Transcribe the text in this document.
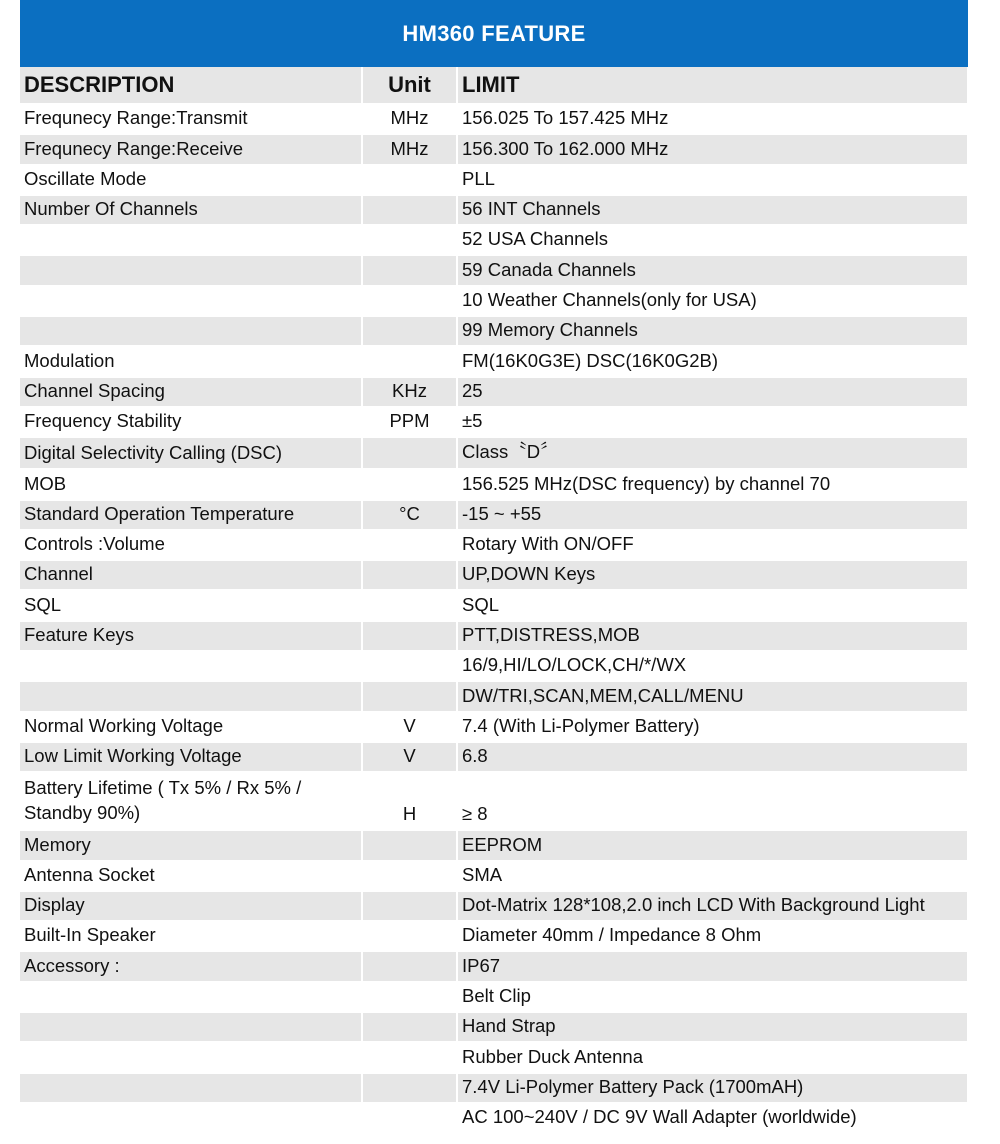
HM360 FEATURE
DESCRIPTION	Unit	LIMIT
Frequnecy Range:Transmit	MHz	156.025 To 157.425 MHz
Frequnecy Range:Receive	MHz	156.300 To 162.000 MHz
Oscillate Mode		PLL
Number Of Channels		56 INT Channels
		52 USA Channels
		59 Canada Channels
		10 Weather Channels(only for USA)
		99 Memory Channels
Modulation		FM(16K0G3E) DSC(16K0G2B)
Channel Spacing	KHz	25
Frequency Stability	PPM	±5
Digital Selectivity Calling (DSC)		Class〝D〞
MOB		156.525 MHz(DSC frequency) by channel 70
Standard Operation Temperature	°C	-15 ~ +55
Controls :Volume		Rotary With ON/OFF
Channel		UP,DOWN Keys
SQL		SQL
Feature Keys		PTT,DISTRESS,MOB
		16/9,HI/LO/LOCK,CH/*/WX
		DW/TRI,SCAN,MEM,CALL/MENU
Normal Working Voltage	V	7.4 (With Li-Polymer Battery)
Low Limit Working Voltage	V	6.8
Battery Lifetime ( Tx 5% / Rx 5% / Standby 90%)	H	≥ 8
Memory		EEPROM
Antenna Socket		SMA
Display		Dot-Matrix 128*108,2.0 inch LCD With Background Light
Built-In Speaker		Diameter 40mm / Impedance 8 Ohm
Accessory :		IP67
		Belt Clip
		Hand Strap
		Rubber Duck Antenna
		7.4V Li-Polymer Battery Pack (1700mAH)
		AC 100~240V / DC 9V Wall Adapter (worldwide)
